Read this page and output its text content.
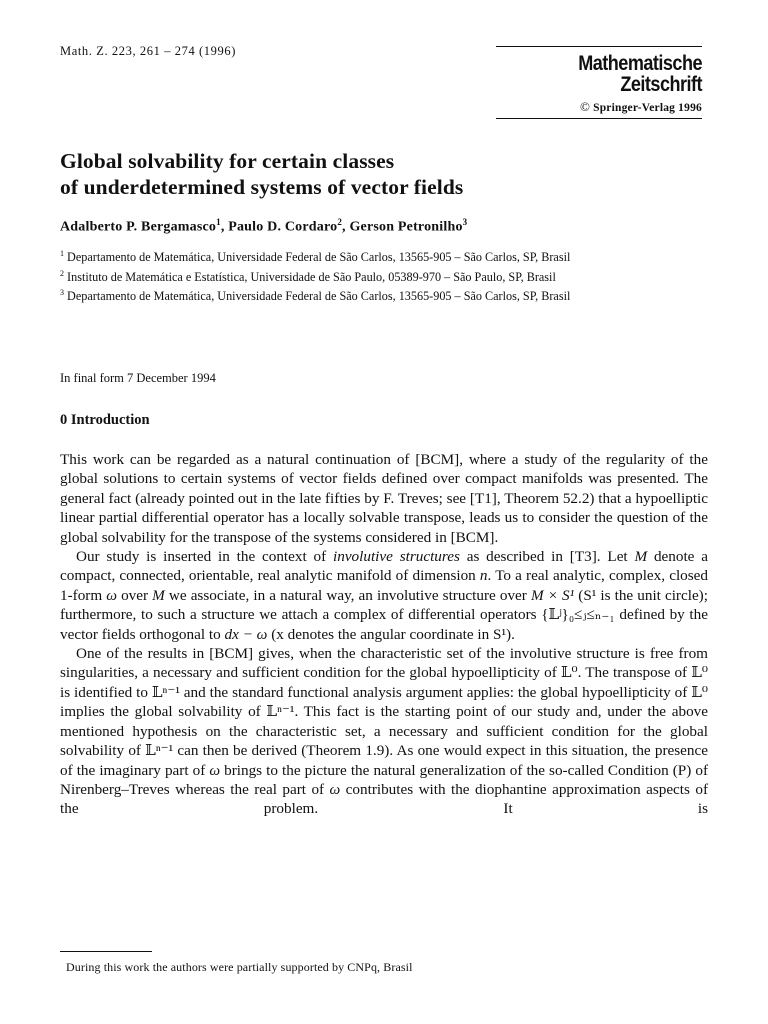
Math. Z. 223, 261 – 274 (1996)
Mathematische
Zeitschrift
© Springer-Verlag 1996
Global solvability for certain classes
of underdetermined systems of vector fields
Adalberto P. Bergamasco$^1$, Paulo D. Cordaro$^2$, Gerson Petronilho$^3$
$^1$ Departamento de Matemática, Universidade Federal de São Carlos, 13565-905 – São Carlos, SP, Brasil
$^2$ Instituto de Matemática e Estatística, Universidade de São Paulo, 05389-970 – São Paulo, SP, Brasil
$^3$ Departamento de Matemática, Universidade Federal de São Carlos, 13565-905 – São Carlos, SP, Brasil
In final form 7 December 1994
0 Introduction

This work can be regarded as a natural continuation of [BCM], where a study of the regularity of the global solutions to certain systems of vector fields defined over compact manifolds was presented. The general fact (already pointed out in the late fifties by F. Treves; see [T1], Theorem 52.2) that a hypoelliptic linear partial differential operator has a locally solvable transpose, leads us to consider the question of the global solvability for the transpose of the systems considered in [BCM].

Our study is inserted in the context of involutive structures as described in [T3]. Let M denote a compact, connected, orientable, real analytic manifold of dimension n. To a real analytic, complex, closed 1-form ω over M we associate, in a natural way, an involutive structure over M × S¹ (S¹ is the unit circle); furthermore, to such a structure we attach a complex of differential operators {𝕃ʲ}₀≤ⱼ≤ₙ₋₁ defined by the vector fields orthogonal to dx − ω (x denotes the angular coordinate in S¹).

One of the results in [BCM] gives, when the characteristic set of the involutive structure is free from singularities, a necessary and sufficient condition for the global hypoellipticity of 𝕃⁰. The transpose of 𝕃⁰ is identified to 𝕃ⁿ⁻¹ and the standard functional analysis argument applies: the global hypoellipticity of 𝕃⁰ implies the global solvability of 𝕃ⁿ⁻¹. This fact is the starting point of our study and, under the above mentioned hypothesis on the characteristic set, a necessary and sufficient condition for the global solvability of 𝕃ⁿ⁻¹ can then be derived (Theorem 1.9). As one would expect in this situation, the presence of the imaginary part of ω brings to the picture the natural generalization of the so-called Condition (P) of Nirenberg–Treves whereas the real part of ω contributes with the diophantine approximation aspects of the problem. It is

During this work the authors were partially supported by CNPq, Brasil
